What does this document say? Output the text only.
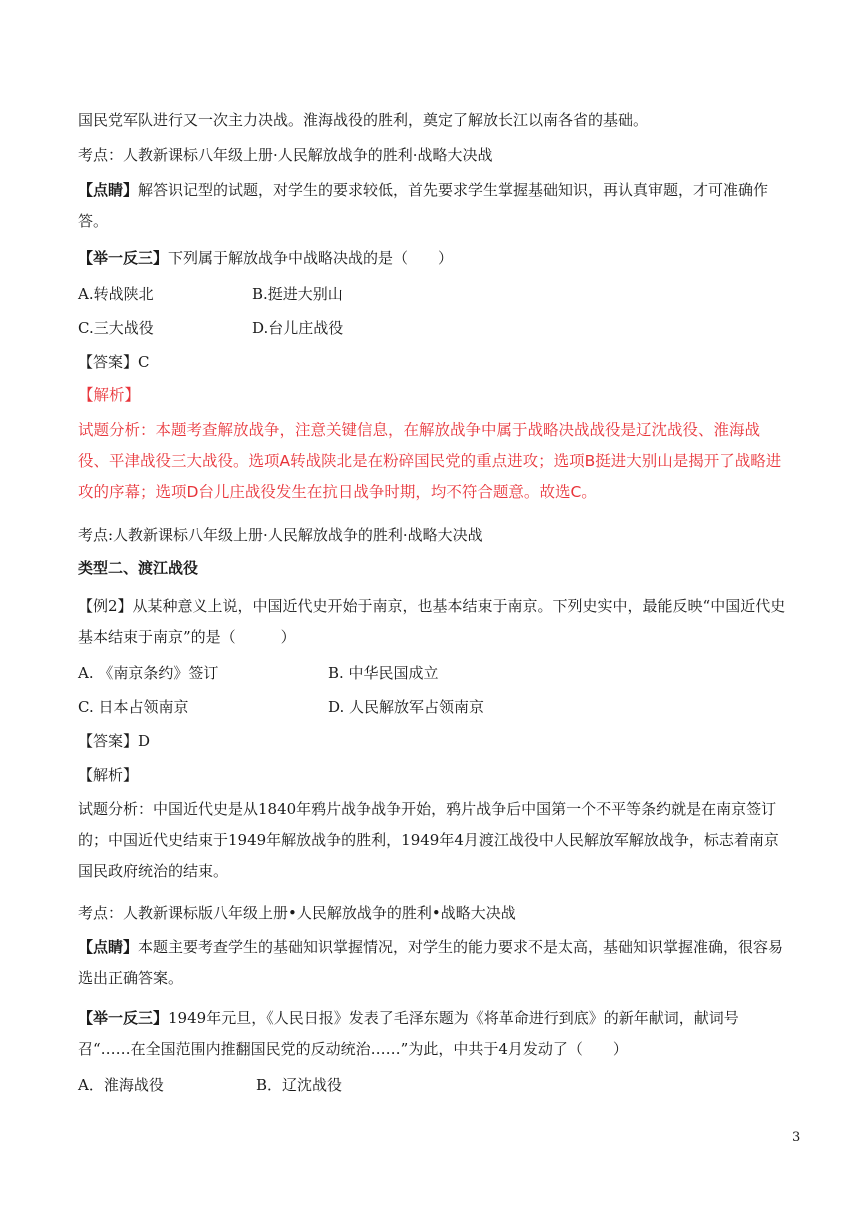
国民党军队进行又一次主力决战。淮海战役的胜利，奠定了解放长江以南各省的基础。
考点：人教新课标八年级上册·人民解放战争的胜利·战略大决战
【点睛】解答识记型的试题，对学生的要求较低，首先要求学生掌握基础知识，再认真审题，才可准确作答。
【举一反三】下列属于解放战争中战略决战的是（　　）
A.转战陕北	B.挺进大别山
C.三大战役	D.台儿庄战役
【答案】C
【解析】
试题分析：本题考查解放战争，注意关键信息，在解放战争中属于战略决战战役是辽沈战役、淮海战役、平津战役三大战役。选项A转战陕北是在粉碎国民党的重点进攻；选项B挺进大别山是揭开了战略进攻的序幕；选项D台儿庄战役发生在抗日战争时期，均不符合题意。故选C。
考点:人教新课标八年级上册·人民解放战争的胜利·战略大决战
类型二、渡江战役
【例2】从某种意义上说，中国近代史开始于南京，也基本结束于南京。下列史实中，最能反映“中国近代史基本结束于南京”的是（　　　）
A. 《南京条约》签订	B. 中华民国成立
C. 日本占领南京	D. 人民解放军占领南京
【答案】D
【解析】
试题分析：中国近代史是从1840年鸦片战争战争开始，鸦片战争后中国第一个不平等条约就是在南京签订的；中国近代史结束于1949年解放战争的胜利，1949年4月渡江战役中人民解放军解放战争，标志着南京国民政府统治的结束。
考点：人教新课标版八年级上册•人民解放战争的胜利•战略大决战
【点睛】本题主要考查学生的基础知识掌握情况，对学生的能力要求不是太高，基础知识掌握准确，很容易选出正确答案。
【举一反三】1949年元旦，《人民日报》发表了毛泽东题为《将革命进行到底》的新年献词，献词号召“……在全国范围内推翻国民党的反动统治……”为此，中共于4月发动了（　　）
A．淮海战役	B．辽沈战役
3
